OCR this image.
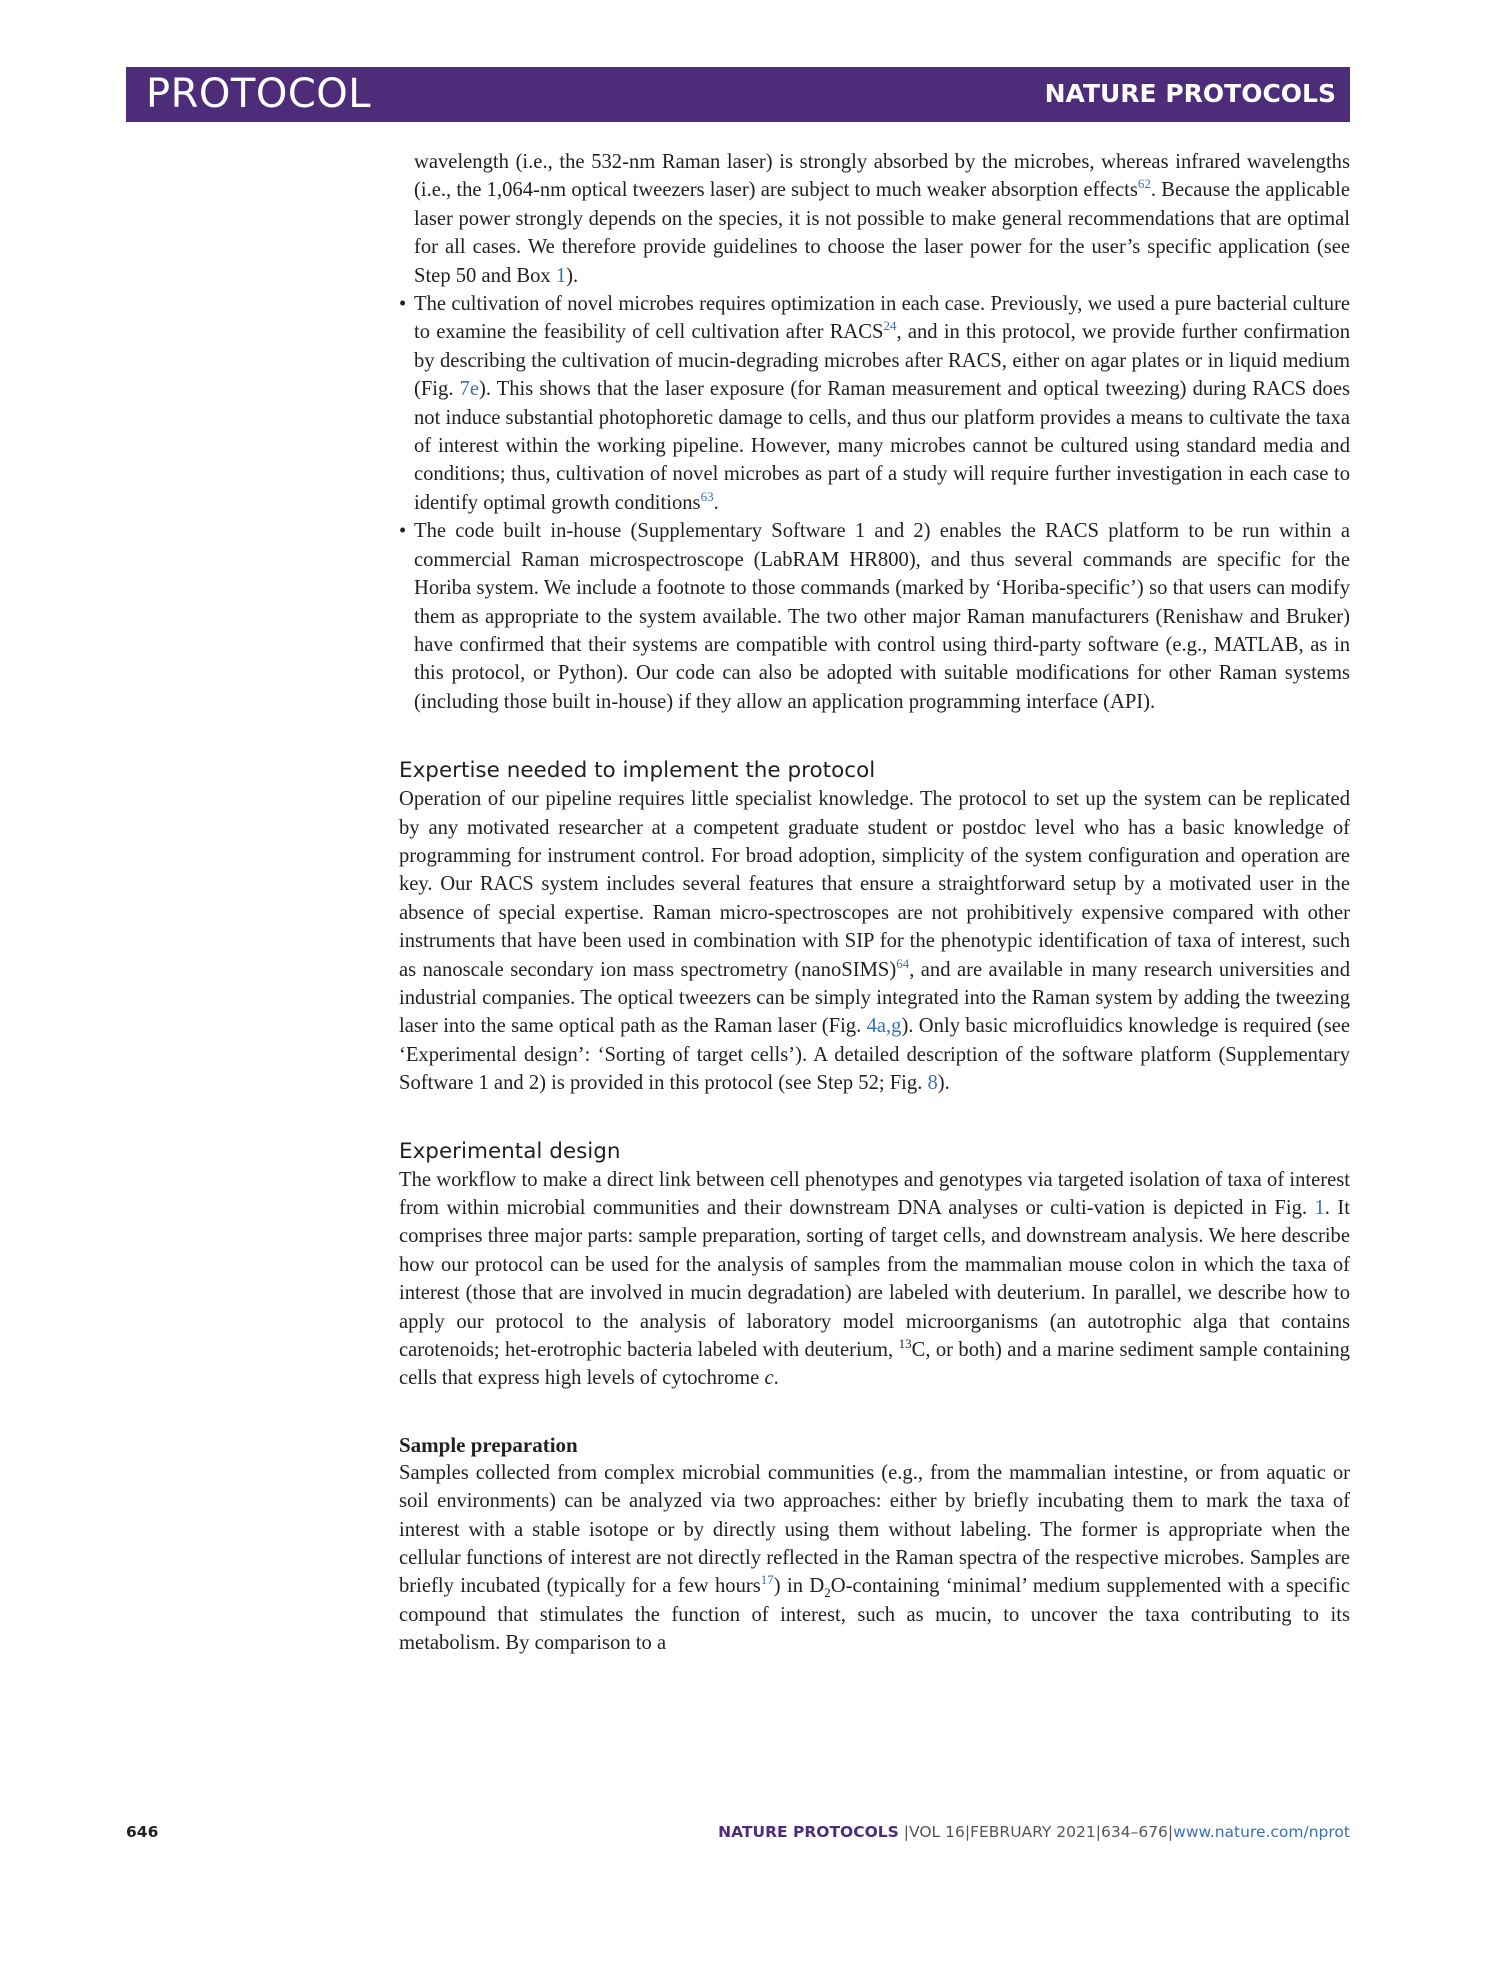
PROTOCOL	NATURE PROTOCOLS

wavelength (i.e., the 532-nm Raman laser) is strongly absorbed by the microbes, whereas infrared wavelengths (i.e., the 1,064-nm optical tweezers laser) are subject to much weaker absorption effects$^{62}$. Because the applicable laser power strongly depends on the species, it is not possible to make general recommendations that are optimal for all cases. We therefore provide guidelines to choose the laser power for the user’s specific application (see Step 50 and Box 1).

• The cultivation of novel microbes requires optimization in each case. Previously, we used a pure bacterial culture to examine the feasibility of cell cultivation after RACS$^{24}$, and in this protocol, we provide further confirmation by describing the cultivation of mucin-degrading microbes after RACS, either on agar plates or in liquid medium (Fig. 7e). This shows that the laser exposure (for Raman measurement and optical tweezing) during RACS does not induce substantial photophoretic damage to cells, and thus our platform provides a means to cultivate the taxa of interest within the working pipeline. However, many microbes cannot be cultured using standard media and conditions; thus, cultivation of novel microbes as part of a study will require further investigation in each case to identify optimal growth conditions$^{63}$.
• The code built in-house (Supplementary Software 1 and 2) enables the RACS platform to be run within a commercial Raman microspectroscope (LabRAM HR800), and thus several commands are specific for the Horiba system. We include a footnote to those commands (marked by ‘Horiba-specific’) so that users can modify them as appropriate to the system available. The two other major Raman manufacturers (Renishaw and Bruker) have confirmed that their systems are compatible with control using third-party software (e.g., MATLAB, as in this protocol, or Python). Our code can also be adopted with suitable modifications for other Raman systems (including those built in-house) if they allow an application programming interface (API).
Expertise needed to implement the protocol

Operation of our pipeline requires little specialist knowledge. The protocol to set up the system can be replicated by any motivated researcher at a competent graduate student or postdoc level who has a basic knowledge of programming for instrument control. For broad adoption, simplicity of the system configuration and operation are key. Our RACS system includes several features that ensure a straightforward setup by a motivated user in the absence of special expertise. Raman micro-spectroscopes are not prohibitively expensive compared with other instruments that have been used in combination with SIP for the phenotypic identification of taxa of interest, such as nanoscale secondary ion mass spectrometry (nanoSIMS)$^{64}$, and are available in many research universities and industrial companies. The optical tweezers can be simply integrated into the Raman system by adding the tweezing laser into the same optical path as the Raman laser (Fig. 4a,g). Only basic microfluidics knowledge is required (see ‘Experimental design’: ‘Sorting of target cells’). A detailed description of the software platform (Supplementary Software 1 and 2) is provided in this protocol (see Step 52; Fig. 8).

Experimental design

The workflow to make a direct link between cell phenotypes and genotypes via targeted isolation of taxa of interest from within microbial communities and their downstream DNA analyses or culti-vation is depicted in Fig. 1. It comprises three major parts: sample preparation, sorting of target cells, and downstream analysis. We here describe how our protocol can be used for the analysis of samples from the mammalian mouse colon in which the taxa of interest (those that are involved in mucin degradation) are labeled with deuterium. In parallel, we describe how to apply our protocol to the analysis of laboratory model microorganisms (an autotrophic alga that contains carotenoids; het-erotrophic bacteria labeled with deuterium, $^{13}$C, or both) and a marine sediment sample containing cells that express high levels of cytochrome c.

Sample preparation

Samples collected from complex microbial communities (e.g., from the mammalian intestine, or from aquatic or soil environments) can be analyzed via two approaches: either by briefly incubating them to mark the taxa of interest with a stable isotope or by directly using them without labeling. The former is appropriate when the cellular functions of interest are not directly reflected in the Raman spectra of the respective microbes. Samples are briefly incubated (typically for a few hours$^{17}$) in $D_2O$-containing ‘minimal’ medium supplemented with a specific compound that stimulates the function of interest, such as mucin, to uncover the taxa contributing to its metabolism. By comparison to a

646	NATURE PROTOCOLS |VOL 16|FEBRUARY 2021|634–676|www.nature.com/nprot
